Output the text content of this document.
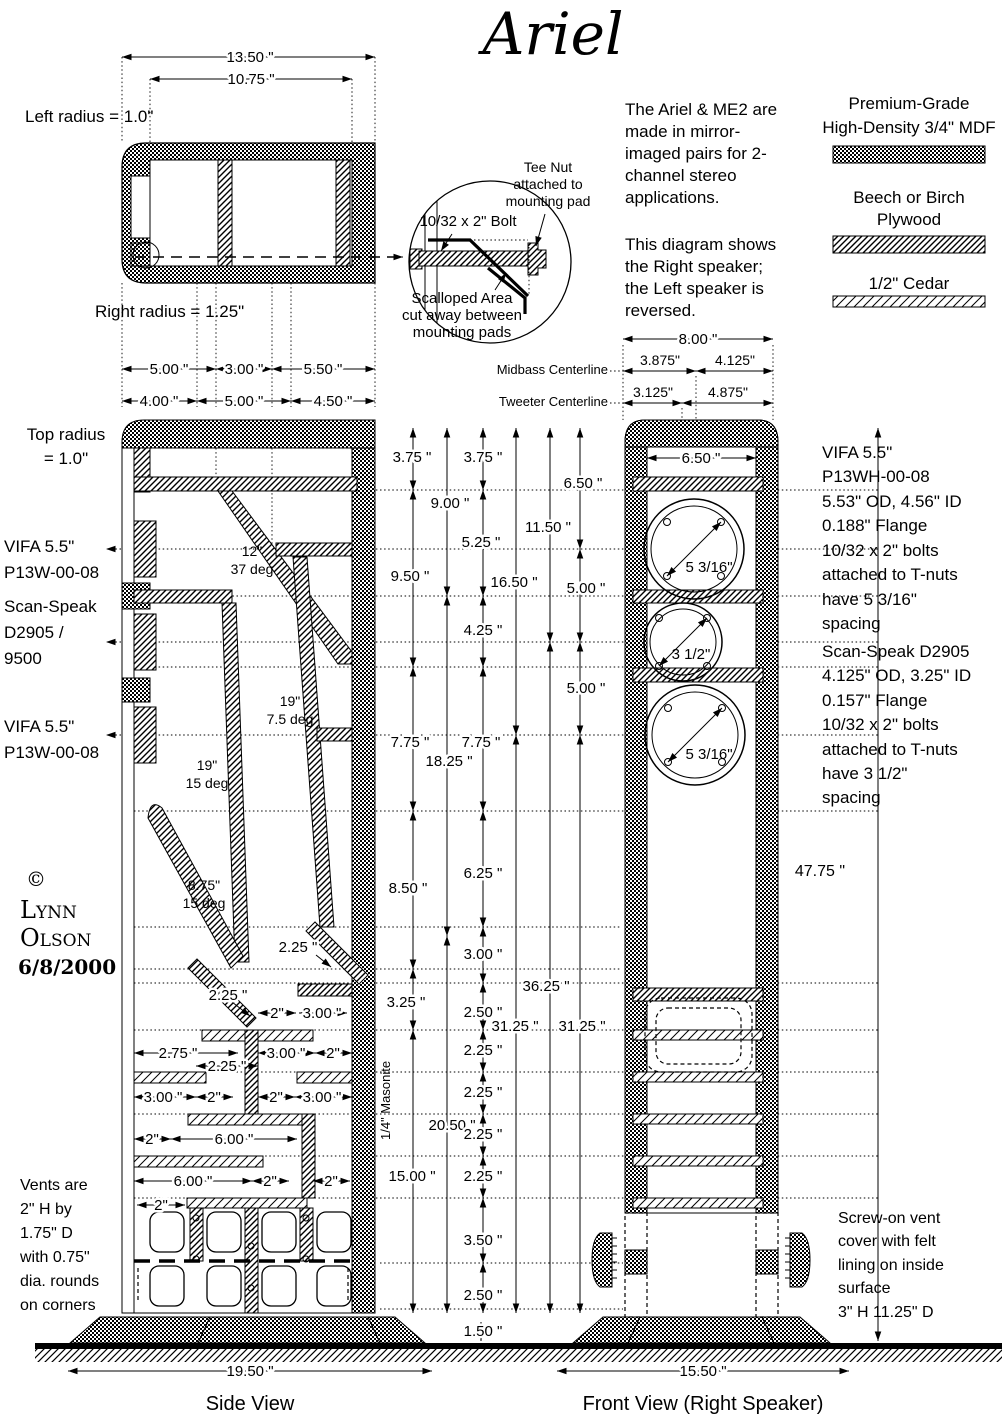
Ariel
13.50 "
10.75 "
Left radius = 1.0"
Right radius = 1.25"
5.00 " 3.00 "	5.50 "
4.00 "	5.00 "	4.50 "
Tee Nut
attached to
mounting pad
10/32 x 2" Bolt
Scalloped Area
cut away between
mounting pads
The Ariel & ME2 are
made in mirror-
imaged pairs for 2-
channel stereo
applications.
This diagram shows
the Right speaker;
the Left speaker is
reversed.
Premium-Grade
High-Density 3/4" MDF
Beech or Birch
Plywood
1/2" Cedar
Midbass Centerline
Tweeter Centerline
8.00 "
3.875" 4.125"
3.125" 4.875"
6.50 "
Top radius
= 1.0"
VIFA 5.5"
P13W-00-08
Scan-Speak
D2905 /
9500
VIFA 5.5"
P13W-00-08
VIFA 5.5"
P13WH-00-08
5.53" OD, 4.56" ID
0.188" Flange
10/32 x 2" bolts
attached to T-nuts
have 5 3/16"
spacing
Scan-Speak D2905
4.125" OD, 3.25" ID
0.157" Flange
10/32 x 2" bolts
attached to T-nuts
have 3 1/2"
spacing
©
Lynn
Olson
6/8/2000
12"
37 deg
19"
7.5 deg
19"
15 deg
8.75"
15 deg
5 3/16"
3 1/2"
5 3/16"
3.75 " 3.75 "
6.50 "
9.00 "
11.50 "
5.25 "
9.50 "	16.50 " 5.00 "
4.25 "
5.00 "
7.75 " 7.75 "
18.25 "
6.25 "
8.50 "
3.00 "
36.25 "
3.25 "
2.50 "
31.25 " 31.25 "
2.25 "
2.25 "
20.50 "
2.25 "
15.00 " 2.25 "
3.50 "
2.50 "
1.50 "
47.75 "
2.25 "
2.25 "
2" 3.00 "
2.75 "
2.25 "
3.00 " 2"
3.00 " 2"	2" 3.00 "
2"	6.00 "
6.00 "	2"	2"
2"
19.50 "	15.50 "
Side View	Front View (Right Speaker)
Vents are
2" H by
1.75" D
with 0.75"
dia. rounds
on corners
Screw-on vent
cover with felt
lining on inside
surface
3" H 11.25" D
1/4" Masonite
